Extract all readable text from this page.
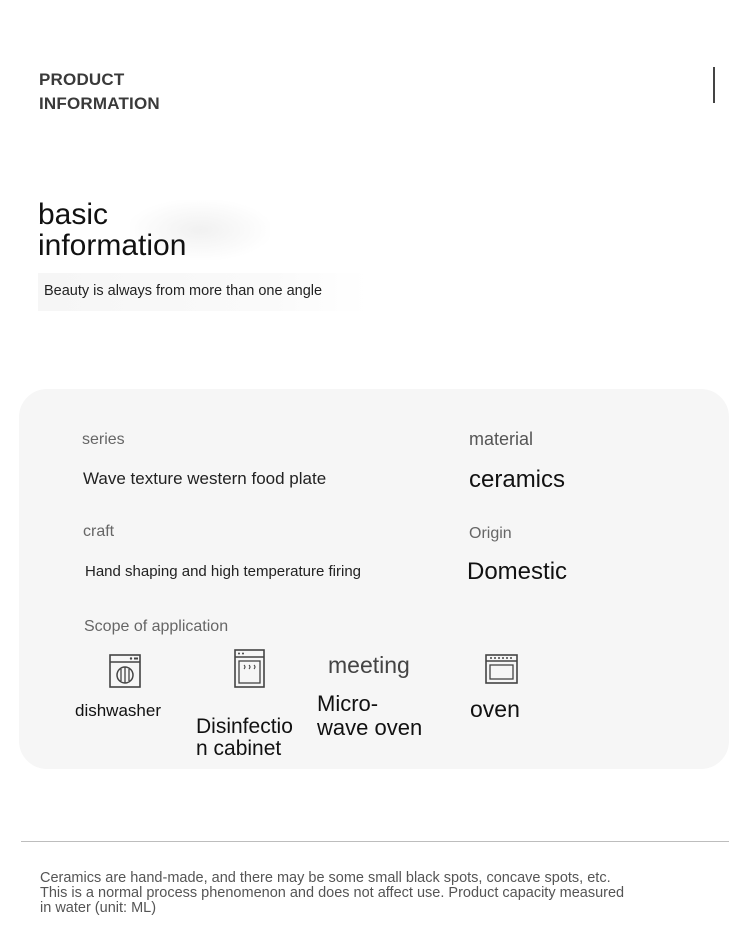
PRODUCT
INFORMATION
basic
information
Beauty is always from more than one angle
series
Wave texture western food plate
material
ceramics
craft
Hand shaping and high temperature firing
Origin
Domestic
Scope of application
dishwasher
Disinfectio
n cabinet
meeting
Micro-
wave oven
oven
Ceramics are hand-made, and there may be some small black spots, concave spots, etc.
This is a normal process phenomenon and does not affect use. Product capacity measured
in water (unit: ML)
